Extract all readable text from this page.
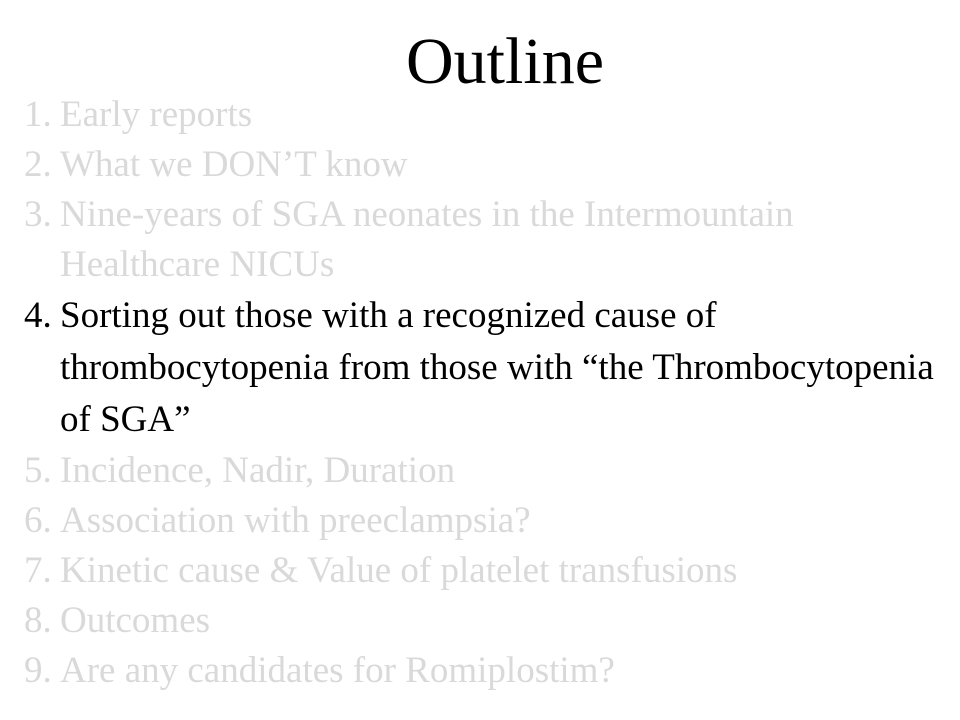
Outline
1. Early reports
2. What we DON’T know
3. Nine-years of SGA neonates in the Intermountain Healthcare NICUs
4. Sorting out those with a recognized cause of thrombocytopenia from those with “the Thrombocytopenia of SGA”
5. Incidence, Nadir, Duration
6. Association with preeclampsia?
7. Kinetic cause & Value of platelet transfusions
8. Outcomes
9. Are any candidates for Romiplostim?
